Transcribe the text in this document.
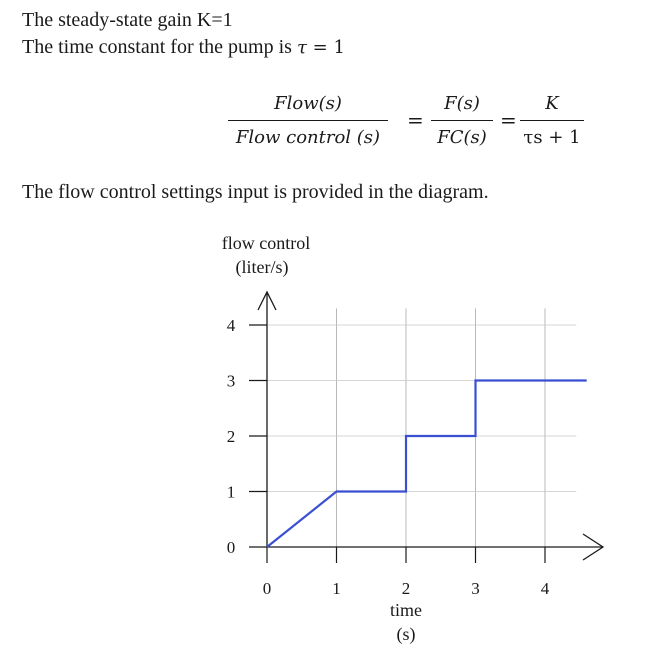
The steady-state gain K=1
The time constant for the pump is τ = 1
Flow(s)
Flow control (s)
=
F(s)
FC(s)
=
K
τs + 1
The flow control settings input is provided in the diagram.
0
1
2
3
4
0	1	2	3	4
flow control
(liter/s)
time
(s)
